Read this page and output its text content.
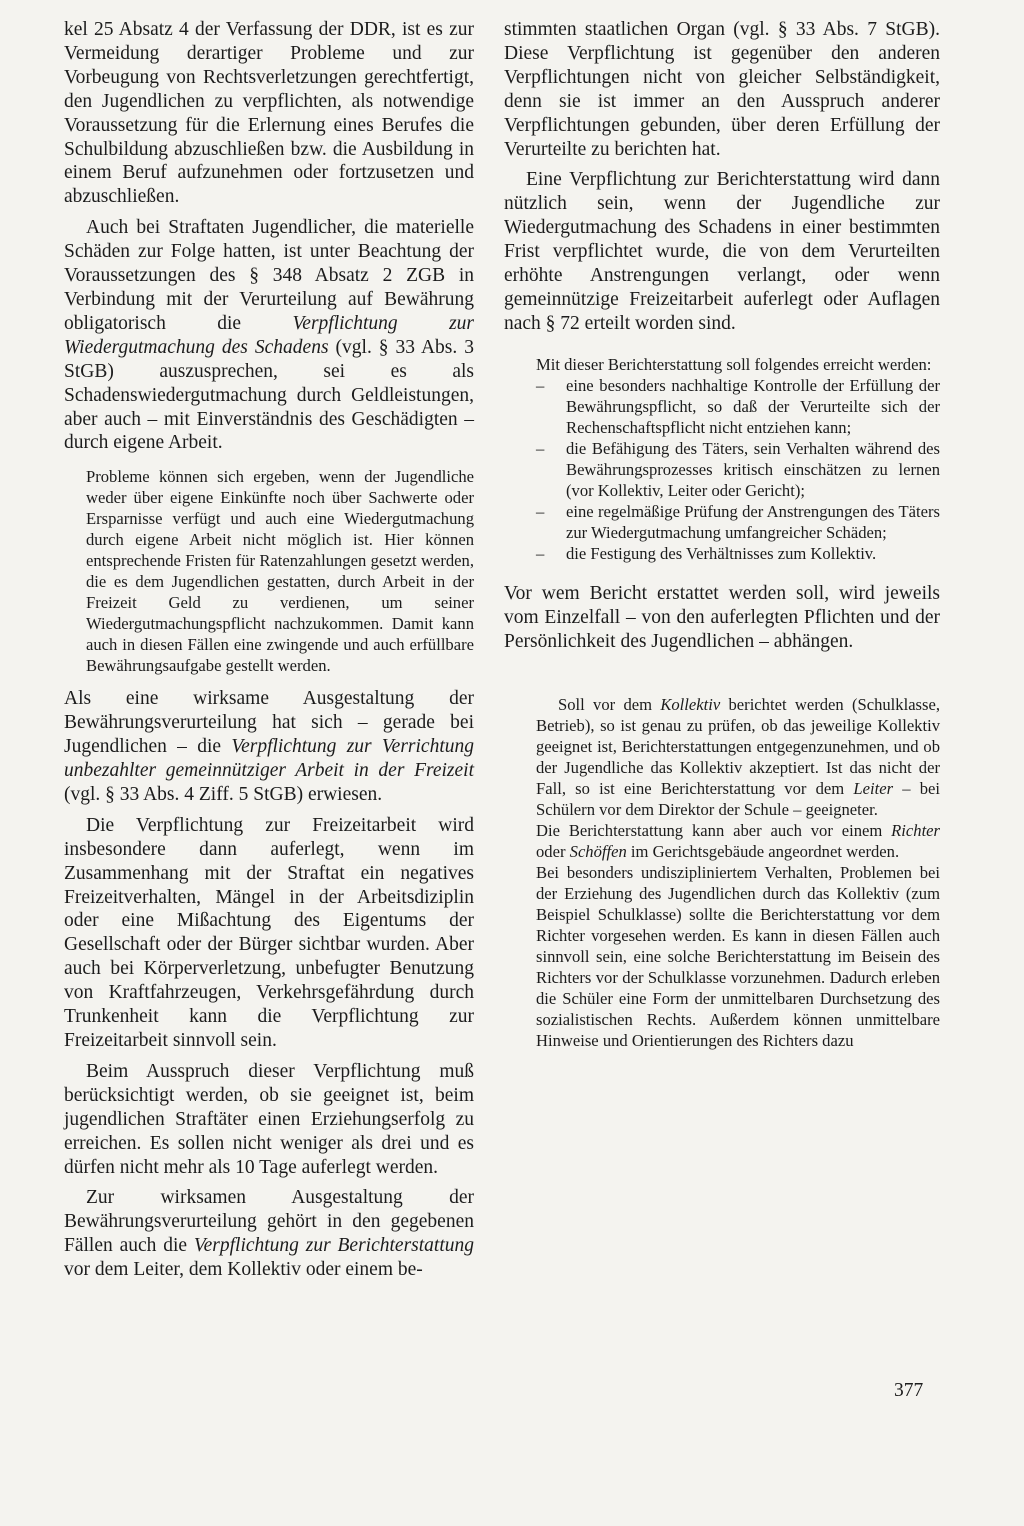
kel 25 Absatz 4 der Verfassung der DDR, ist es zur Vermeidung derartiger Probleme und zur Vorbeugung von Rechtsverletzungen gerechtfertigt, den Jugendlichen zu verpflichten, als notwendige Voraussetzung für die Erlernung eines Berufes die Schulbildung abzuschließen bzw. die Ausbildung in einem Beruf aufzunehmen oder fortzusetzen und abzuschließen.

Auch bei Straftaten Jugendlicher, die materielle Schäden zur Folge hatten, ist unter Beachtung der Voraussetzungen des § 348 Absatz 2 ZGB in Verbindung mit der Verurteilung auf Bewährung obligatorisch die Verpflichtung zur Wiedergutmachung des Schadens (vgl. § 33 Abs. 3 StGB) auszusprechen, sei es als Schadenswiedergutmachung durch Geldleistungen, aber auch – mit Einverständnis des Geschädigten – durch eigene Arbeit.

Probleme können sich ergeben, wenn der Jugendliche weder über eigene Einkünfte noch über Sachwerte oder Ersparnisse verfügt und auch eine Wiedergutmachung durch eigene Arbeit nicht möglich ist. Hier können entsprechende Fristen für Ratenzahlungen gesetzt werden, die es dem Jugendlichen gestatten, durch Arbeit in der Freizeit Geld zu verdienen, um seiner Wiedergutmachungspflicht nachzukommen. Damit kann auch in diesen Fällen eine zwingende und auch erfüllbare Bewährungsaufgabe gestellt werden.

Als eine wirksame Ausgestaltung der Bewährungsverurteilung hat sich – gerade bei Jugendlichen – die Verpflichtung zur Verrichtung unbezahlter gemeinnütziger Arbeit in der Freizeit (vgl. § 33 Abs. 4 Ziff. 5 StGB) erwiesen.

Die Verpflichtung zur Freizeitarbeit wird insbesondere dann auferlegt, wenn im Zusammenhang mit der Straftat ein negatives Freizeitverhalten, Mängel in der Arbeitsdiziplin oder eine Mißachtung des Eigentums der Gesellschaft oder der Bürger sichtbar wurden. Aber auch bei Körperverletzung, unbefugter Benutzung von Kraftfahrzeugen, Verkehrsgefährdung durch Trunkenheit kann die Verpflichtung zur Freizeitarbeit sinnvoll sein.

Beim Ausspruch dieser Verpflichtung muß berücksichtigt werden, ob sie geeignet ist, beim jugendlichen Straftäter einen Erziehungserfolg zu erreichen. Es sollen nicht weniger als drei und es dürfen nicht mehr als 10 Tage auferlegt werden.

Zur wirksamen Ausgestaltung der Bewährungsverurteilung gehört in den gegebenen Fällen auch die Verpflichtung zur Berichterstattung vor dem Leiter, dem Kollektiv oder einem be-

stimmten staatlichen Organ (vgl. § 33 Abs. 7 StGB). Diese Verpflichtung ist gegenüber den anderen Verpflichtungen nicht von gleicher Selbständigkeit, denn sie ist immer an den Ausspruch anderer Verpflichtungen gebunden, über deren Erfüllung der Verurteilte zu berichten hat.

Eine Verpflichtung zur Berichterstattung wird dann nützlich sein, wenn der Jugendliche zur Wiedergutmachung des Schadens in einer bestimmten Frist verpflichtet wurde, die von dem Verurteilten erhöhte Anstrengungen verlangt, oder wenn gemeinnützige Freizeitarbeit auferlegt oder Auflagen nach § 72 erteilt worden sind.

Mit dieser Berichterstattung soll folgendes erreicht werden:

– eine besonders nachhaltige Kontrolle der Erfüllung der Bewährungspflicht, so daß der Verurteilte sich der Rechenschaftspflicht nicht entziehen kann;
– die Befähigung des Täters, sein Verhalten während des Bewährungsprozesses kritisch einschätzen zu lernen (vor Kollektiv, Leiter oder Gericht);
– eine regelmäßige Prüfung der Anstrengungen des Täters zur Wiedergutmachung umfangreicher Schäden;
– die Festigung des Verhältnisses zum Kollektiv.

Vor wem Bericht erstattet werden soll, wird jeweils vom Einzelfall – von den auferlegten Pflichten und der Persönlichkeit des Jugendlichen – abhängen.

Soll vor dem Kollektiv berichtet werden (Schulklasse, Betrieb), so ist genau zu prüfen, ob das jeweilige Kollektiv geeignet ist, Berichterstattungen entgegenzunehmen, und ob der Jugendliche das Kollektiv akzeptiert. Ist das nicht der Fall, so ist eine Berichterstattung vor dem Leiter – bei Schülern vor dem Direktor der Schule – geeigneter.

Die Berichterstattung kann aber auch vor einem Richter oder Schöffen im Gerichtsgebäude angeordnet werden.

Bei besonders undiszipliniertem Verhalten, Problemen bei der Erziehung des Jugendlichen durch das Kollektiv (zum Beispiel Schulklasse) sollte die Berichterstattung vor dem Richter vorgesehen werden. Es kann in diesen Fällen auch sinnvoll sein, eine solche Berichterstattung im Beisein des Richters vor der Schulklasse vorzunehmen. Dadurch erleben die Schüler eine Form der unmittelbaren Durchsetzung des sozialistischen Rechts. Außerdem können unmittelbare Hinweise und Orientierungen des Richters dazu

377
